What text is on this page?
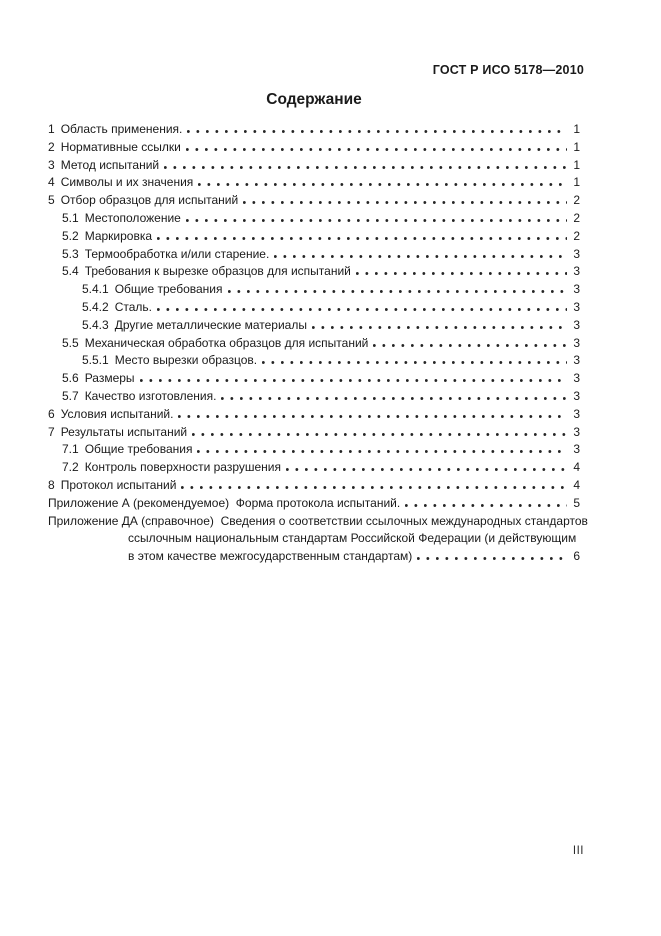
ГОСТ Р ИСО 5178—2010
Содержание
1 Область применения.	1
2 Нормативные ссылки	1
3 Метод испытаний	1
4 Символы и их значения	1
5 Отбор образцов для испытаний	2
5.1 Местоположение	2
5.2 Маркировка	2
5.3 Термообработка и/или старение.	3
5.4 Требования к вырезке образцов для испытаний	3
5.4.1 Общие требования	3
5.4.2 Сталь.	3
5.4.3 Другие металлические материалы	3
5.5 Механическая обработка образцов для испытаний	3
5.5.1 Место вырезки образцов.	3
5.6 Размеры	3
5.7 Качество изготовления.	3
6 Условия испытаний.	3
7 Результаты испытаний	3
7.1 Общие требования	3
7.2 Контроль поверхности разрушения	4
8 Протокол испытаний	4
Приложение А (рекомендуемое)  Форма протокола испытаний.	5
Приложение ДА (справочное)  Сведения о соответствии ссылочных международных стандартов
ссылочным национальным стандартам Российской Федерации (и действующим
в этом качестве межгосударственным стандартам)	6
III
